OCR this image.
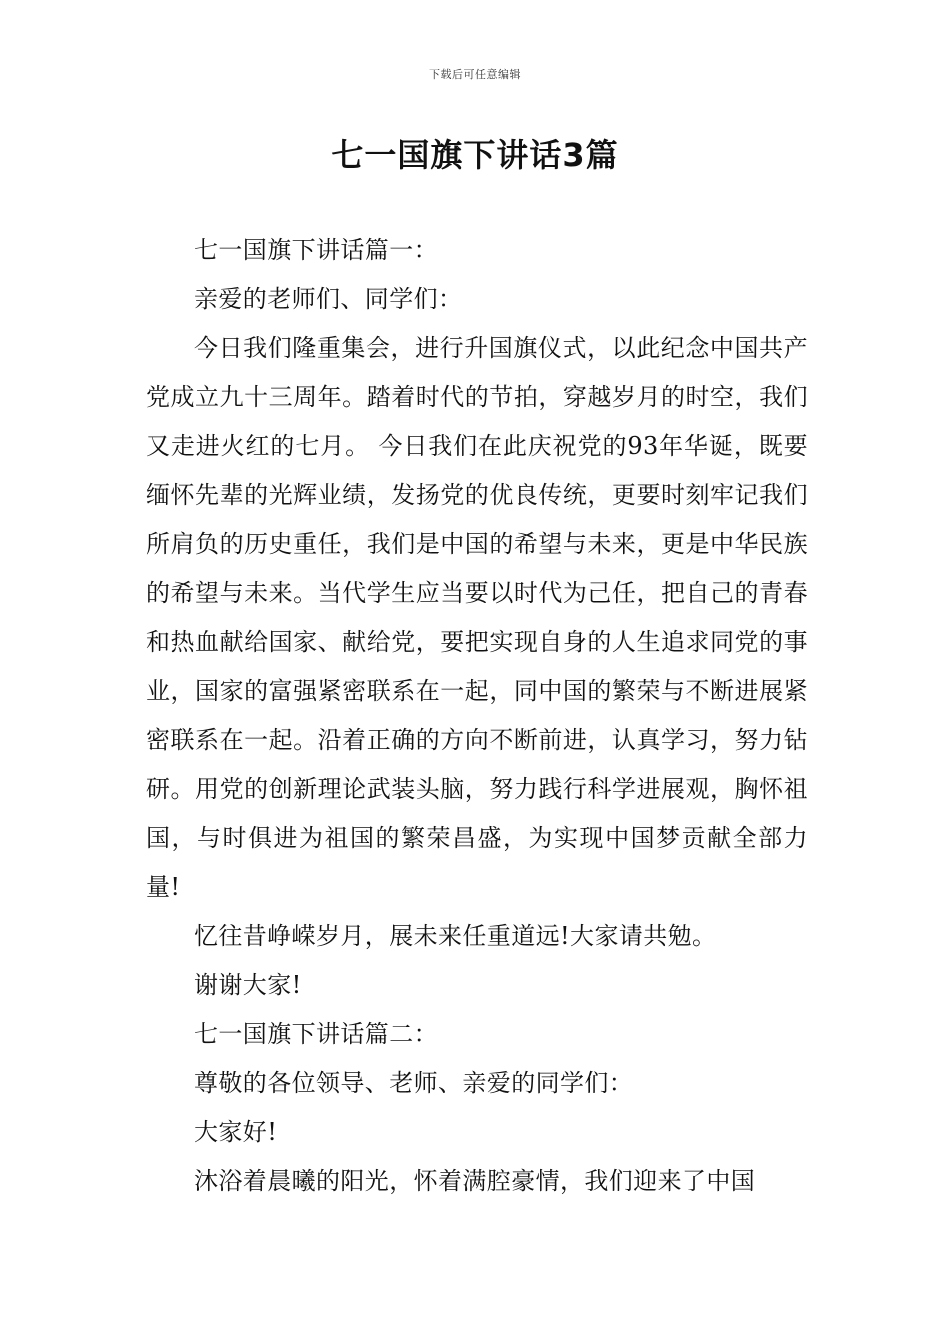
下载后可任意编辑
七一国旗下讲话3篇

七一国旗下讲话篇一：

亲爱的老师们、同学们：

今日我们隆重集会，进行升国旗仪式，以此纪念中国共产党成立九十三周年。踏着时代的节拍，穿越岁月的时空，我们又走进火红的七月。 今日我们在此庆祝党的93年华诞，既要缅怀先辈的光辉业绩，发扬党的优良传统，更要时刻牢记我们所肩负的历史重任，我们是中国的希望与未来，更是中华民族的希望与未来。当代学生应当要以时代为己任，把自己的青春和热血献给国家、献给党，要把实现自身的人生追求同党的事业，国家的富强紧密联系在一起，同中国的繁荣与不断进展紧密联系在一起。沿着正确的方向不断前进，认真学习，努力钻研。用党的创新理论武装头脑，努力践行科学进展观，胸怀祖国，与时俱进为祖国的繁荣昌盛，为实现中国梦贡献全部力量!

忆往昔峥嵘岁月，展未来任重道远!大家请共勉。

谢谢大家!

七一国旗下讲话篇二：

尊敬的各位领导、老师、亲爱的同学们：

大家好!

沐浴着晨曦的阳光，怀着满腔豪情，我们迎来了中国
